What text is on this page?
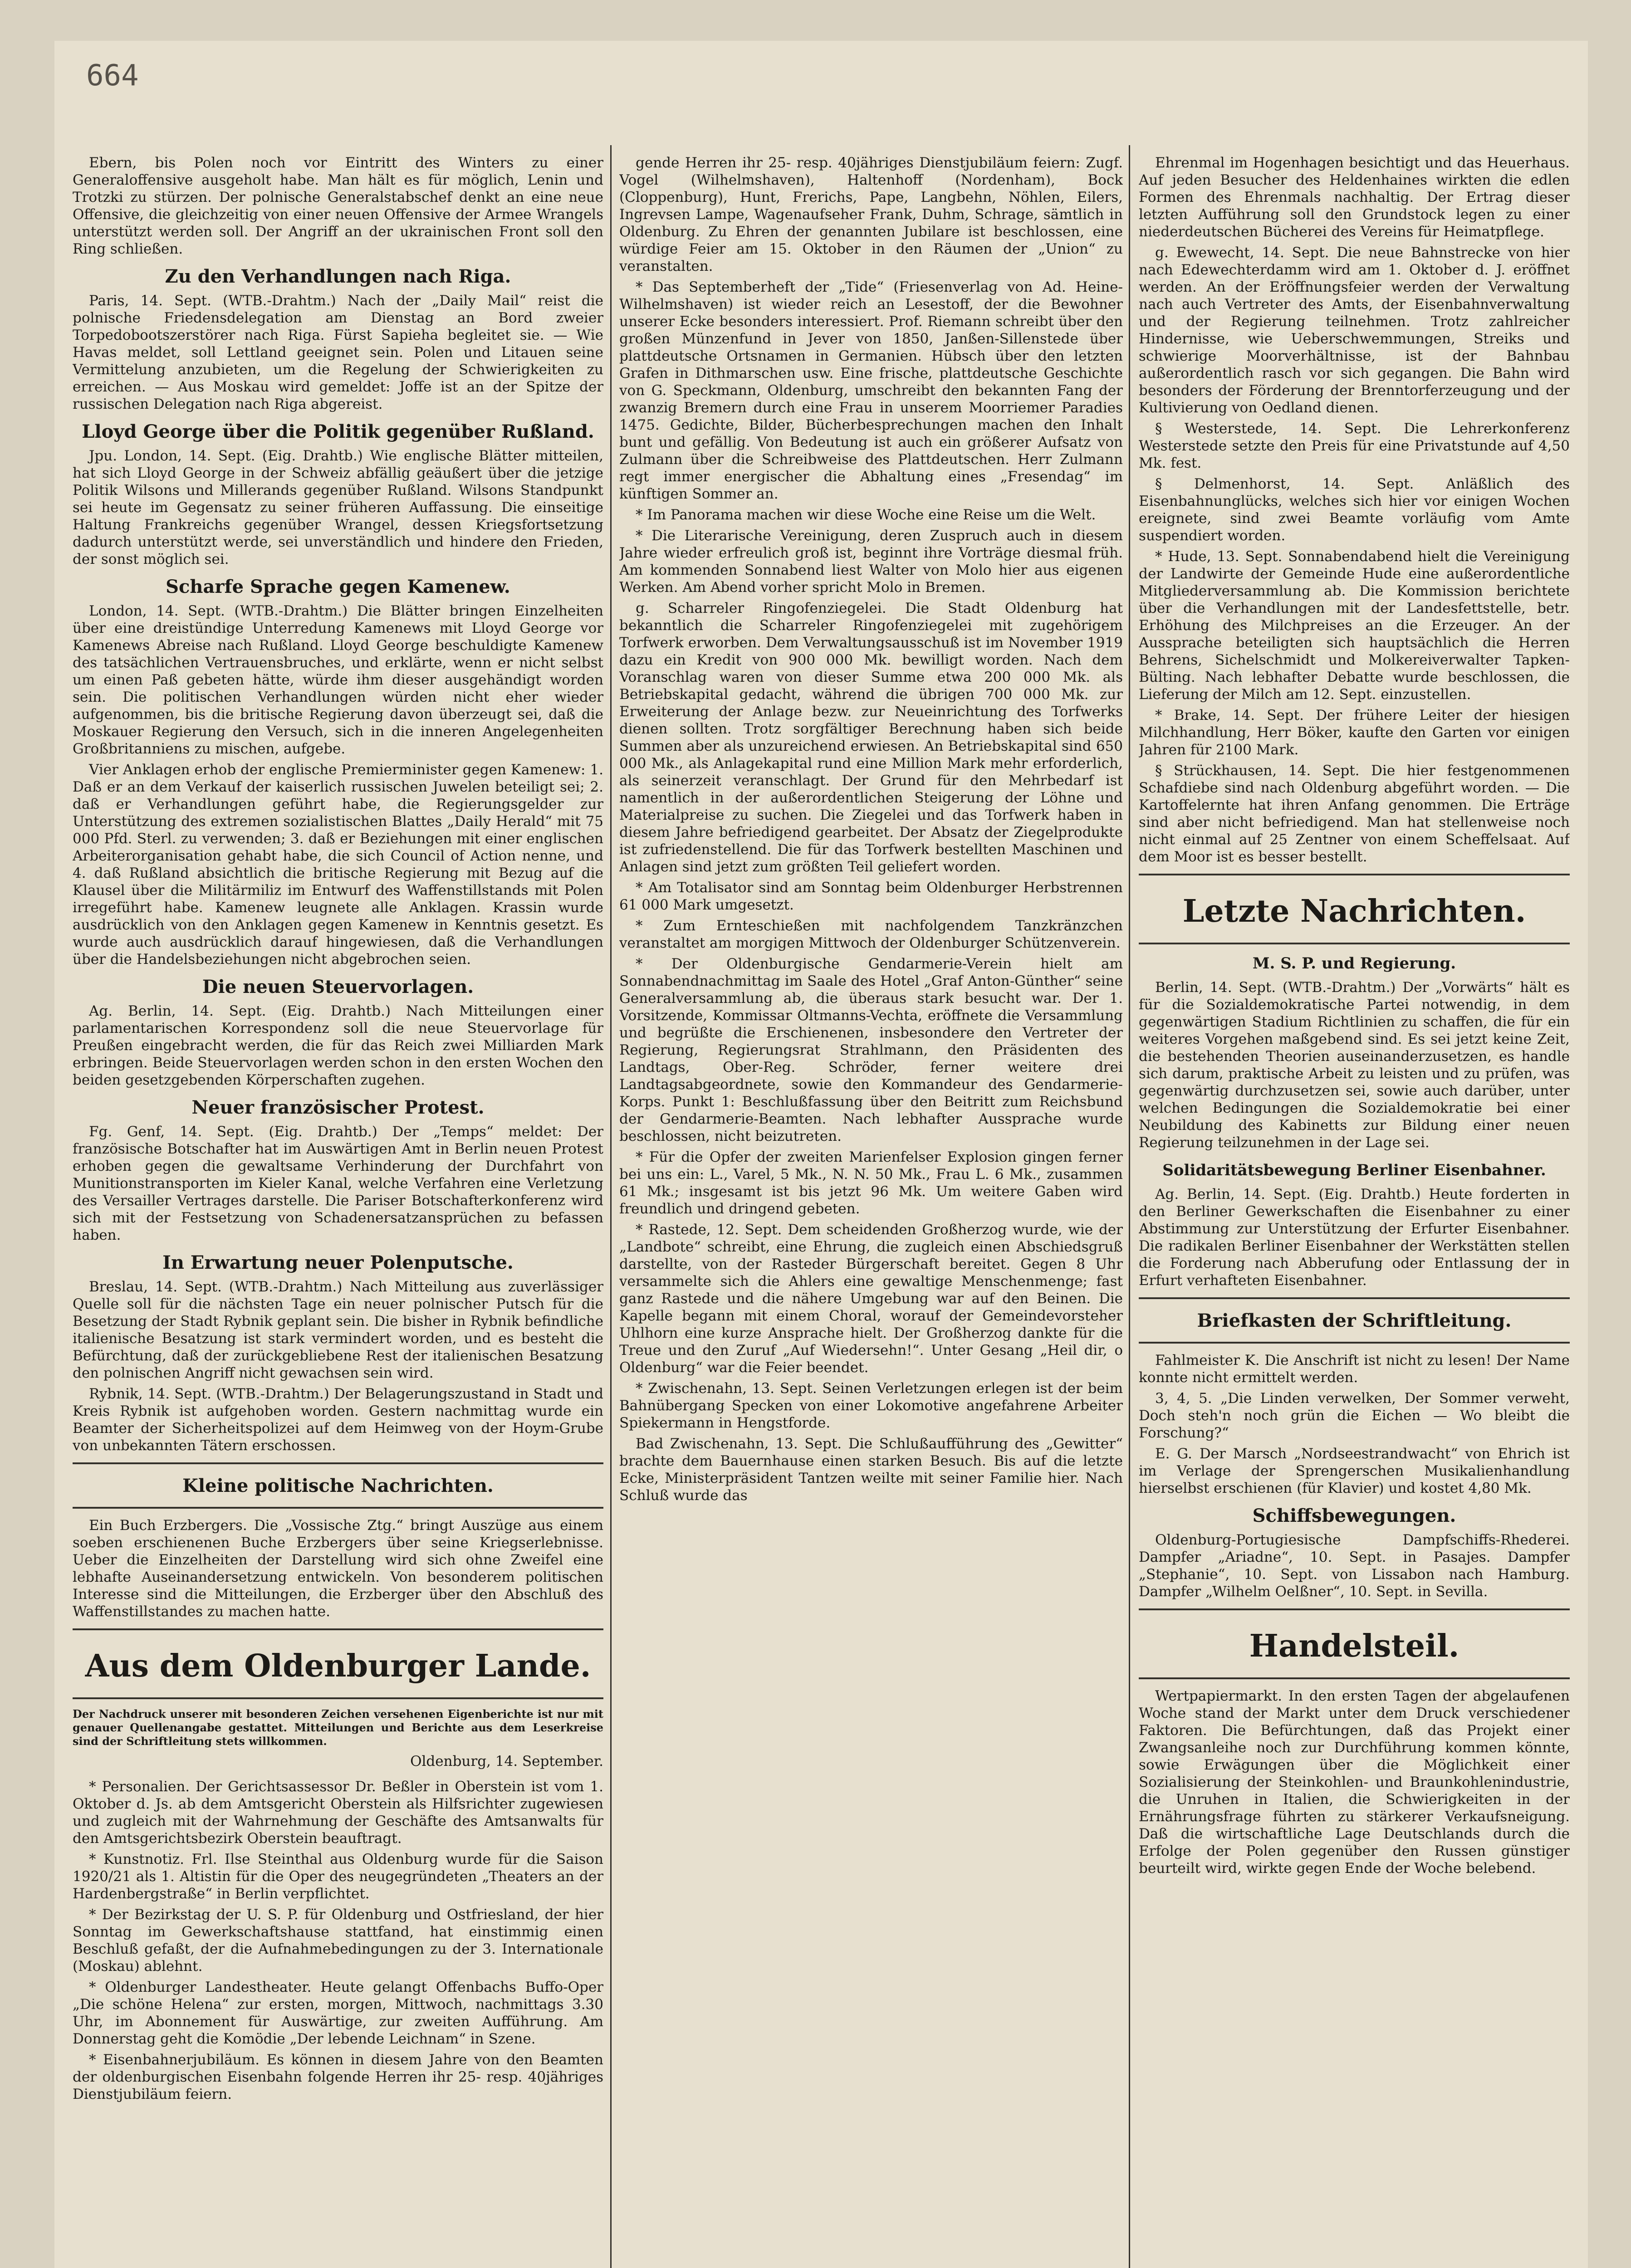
664

Ebern, bis Polen noch vor Eintritt des Winters zu einer Generaloffensive ausgeholt habe. Man hält es für möglich, Lenin und Trotzki zu stürzen. Der polnische Generalstabschef denkt an eine neue Offensive, die gleichzeitig von einer neuen Offensive der Armee Wrangels unterstützt werden soll. Der Angriff an der ukrainischen Front soll den Ring schließen.

Zu den Verhandlungen nach Riga.

Paris, 14. Sept. (WTB.-Drahtm.) Nach der „Daily Mail“ reist die polnische Friedensdelegation am Dienstag an Bord zweier Torpedobootszerstörer nach Riga. Fürst Sapieha begleitet sie. — Wie Havas meldet, soll Lettland geeignet sein. Polen und Litauen seine Vermittelung anzubieten, um die Regelung der Schwierigkeiten zu erreichen. — Aus Moskau wird gemeldet: Joffe ist an der Spitze der russischen Delegation nach Riga abgereist.

Lloyd George über die Politik gegenüber Rußland.

Jpu. London, 14. Sept. (Eig. Drahtb.) Wie englische Blätter mitteilen, hat sich Lloyd George in der Schweiz abfällig geäußert über die jetzige Politik Wilsons und Millerands gegenüber Rußland. Wilsons Standpunkt sei heute im Gegensatz zu seiner früheren Auffassung. Die einseitige Haltung Frankreichs gegenüber Wrangel, dessen Kriegsfortsetzung dadurch unterstützt werde, sei unverständlich und hindere den Frieden, der sonst möglich sei.

Scharfe Sprache gegen Kamenew.

London, 14. Sept. (WTB.-Drahtm.) Die Blätter bringen Einzelheiten über eine dreistündige Unterredung Kamenews mit Lloyd George vor Kamenews Abreise nach Rußland. Lloyd George beschuldigte Kamenew des tatsächlichen Vertrauensbruches, und erklärte, wenn er nicht selbst um einen Paß gebeten hätte, würde ihm dieser ausgehändigt worden sein. Die politischen Verhandlungen würden nicht eher wieder aufgenommen, bis die britische Regierung davon überzeugt sei, daß die Moskauer Regierung den Versuch, sich in die inneren Angelegenheiten Großbritanniens zu mischen, aufgebe.

Vier Anklagen erhob der englische Premierminister gegen Kamenew: 1. Daß er an dem Verkauf der kaiserlich russischen Juwelen beteiligt sei; 2. daß er Verhandlungen geführt habe, die Regierungsgelder zur Unterstützung des extremen sozialistischen Blattes „Daily Herald“ mit 75 000 Pfd. Sterl. zu verwenden; 3. daß er Beziehungen mit einer englischen Arbeiterorganisation gehabt habe, die sich Council of Action nenne, und 4. daß Rußland absichtlich die britische Regierung mit Bezug auf die Klausel über die Militärmiliz im Entwurf des Waffenstillstands mit Polen irregeführt habe. Kamenew leugnete alle Anklagen. Krassin wurde ausdrücklich von den Anklagen gegen Kamenew in Kenntnis gesetzt. Es wurde auch ausdrücklich darauf hingewiesen, daß die Verhandlungen über die Handelsbeziehungen nicht abgebrochen seien.

Die neuen Steuervorlagen.

Ag. Berlin, 14. Sept. (Eig. Drahtb.) Nach Mitteilungen einer parlamentarischen Korrespondenz soll die neue Steuervorlage für Preußen eingebracht werden, die für das Reich zwei Milliarden Mark erbringen. Beide Steuervorlagen werden schon in den ersten Wochen den beiden gesetzgebenden Körperschaften zugehen.

Neuer französischer Protest.

Fg. Genf, 14. Sept. (Eig. Drahtb.) Der „Temps“ meldet: Der französische Botschafter hat im Auswärtigen Amt in Berlin neuen Protest erhoben gegen die gewaltsame Verhinderung der Durchfahrt von Munitionstransporten im Kieler Kanal, welche Verfahren eine Verletzung des Versailler Vertrages darstelle. Die Pariser Botschafterkonferenz wird sich mit der Festsetzung von Schadenersatzansprüchen zu befassen haben.

In Erwartung neuer Polenputsche.

Breslau, 14. Sept. (WTB.-Drahtm.) Nach Mitteilung aus zuverlässiger Quelle soll für die nächsten Tage ein neuer polnischer Putsch für die Besetzung der Stadt Rybnik geplant sein. Die bisher in Rybnik befindliche italienische Besatzung ist stark vermindert worden, und es besteht die Befürchtung, daß der zurückgebliebene Rest der italienischen Besatzung den polnischen Angriff nicht gewachsen sein wird.

Rybnik, 14. Sept. (WTB.-Drahtm.) Der Belagerungszustand in Stadt und Kreis Rybnik ist aufgehoben worden. Gestern nachmittag wurde ein Beamter der Sicherheitspolizei auf dem Heimweg von der Hoym-Grube von unbekannten Tätern erschossen.

Kleine politische Nachrichten.

Ein Buch Erzbergers. Die „Vossische Ztg.“ bringt Auszüge aus einem soeben erschienenen Buche Erzbergers über seine Kriegserlebnisse. Ueber die Einzelheiten der Darstellung wird sich ohne Zweifel eine lebhafte Auseinandersetzung entwickeln. Von besonderem politischen Interesse sind die Mitteilungen, die Erzberger über den Abschluß des Waffenstillstandes zu machen hatte.

Aus dem Oldenburger Lande.
Der Nachdruck unserer mit besonderen Zeichen versehenen Eigenberichte ist nur mit genauer Quellenangabe gestattet. Mitteilungen und Berichte aus dem Leserkreise sind der Schriftleitung stets willkommen.
Oldenburg, 14. September.

* Personalien. Der Gerichtsassessor Dr. Beßler in Oberstein ist vom 1. Oktober d. Js. ab dem Amtsgericht Oberstein als Hilfsrichter zugewiesen und zugleich mit der Wahrnehmung der Geschäfte des Amtsanwalts für den Amtsgerichtsbezirk Oberstein beauftragt.

* Kunstnotiz. Frl. Ilse Steinthal aus Oldenburg wurde für die Saison 1920/21 als 1. Altistin für die Oper des neugegründeten „Theaters an der Hardenbergstraße“ in Berlin verpflichtet.

* Der Bezirkstag der U. S. P. für Oldenburg und Ostfriesland, der hier Sonntag im Gewerkschaftshause stattfand, hat einstimmig einen Beschluß gefaßt, der die Aufnahmebedingungen zu der 3. Internationale (Moskau) ablehnt.

* Oldenburger Landestheater. Heute gelangt Offenbachs Buffo-Oper „Die schöne Helena“ zur ersten, morgen, Mittwoch, nachmittags 3.30 Uhr, im Abonnement für Auswärtige, zur zweiten Aufführung. Am Donnerstag geht die Komödie „Der lebende Leichnam“ in Szene.

* Eisenbahnerjubiläum. Es können in diesem Jahre von den Beamten der oldenburgischen Eisenbahn folgende Herren ihr 25- resp. 40jähriges Dienstjubiläum feiern.

gende Herren ihr 25- resp. 40jähriges Dienstjubiläum feiern: Zugf. Vogel (Wilhelmshaven), Haltenhoff (Nordenham), Bock (Cloppenburg), Hunt, Frerichs, Pape, Langbehn, Nöhlen, Eilers, Ingrevsen Lampe, Wagenaufseher Frank, Duhm, Schrage, sämtlich in Oldenburg. Zu Ehren der genannten Jubilare ist beschlossen, eine würdige Feier am 15. Oktober in den Räumen der „Union“ zu veranstalten.

* Das Septemberheft der „Tide“ (Friesenverlag von Ad. Heine-Wilhelmshaven) ist wieder reich an Lesestoff, der die Bewohner unserer Ecke besonders interessiert. Prof. Riemann schreibt über den großen Münzenfund in Jever von 1850, Janßen-Sillenstede über plattdeutsche Ortsnamen in Germanien. Hübsch über den letzten Grafen in Dithmarschen usw. Eine frische, plattdeutsche Geschichte von G. Speckmann, Oldenburg, umschreibt den bekannten Fang der zwanzig Bremern durch eine Frau in unserem Moorriemer Paradies 1475. Gedichte, Bilder, Bücherbesprechungen machen den Inhalt bunt und gefällig. Von Bedeutung ist auch ein größerer Aufsatz von Zulmann über die Schreibweise des Plattdeutschen. Herr Zulmann regt immer energischer die Abhaltung eines „Fresendag“ im künftigen Sommer an.

* Im Panorama machen wir diese Woche eine Reise um die Welt.

* Die Literarische Vereinigung, deren Zuspruch auch in diesem Jahre wieder erfreulich groß ist, beginnt ihre Vorträge diesmal früh. Am kommenden Sonnabend liest Walter von Molo hier aus eigenen Werken. Am Abend vorher spricht Molo in Bremen.

g. Scharreler Ringofenziegelei. Die Stadt Oldenburg hat bekanntlich die Scharreler Ringofenziegelei mit zugehörigem Torfwerk erworben. Dem Verwaltungsausschuß ist im November 1919 dazu ein Kredit von 900 000 Mk. bewilligt worden. Nach dem Voranschlag waren von dieser Summe etwa 200 000 Mk. als Betriebskapital gedacht, während die übrigen 700 000 Mk. zur Erweiterung der Anlage bezw. zur Neueinrichtung des Torfwerks dienen sollten. Trotz sorgfältiger Berechnung haben sich beide Summen aber als unzureichend erwiesen. An Betriebskapital sind 650 000 Mk., als Anlagekapital rund eine Million Mark mehr erforderlich, als seinerzeit veranschlagt. Der Grund für den Mehrbedarf ist namentlich in der außerordentlichen Steigerung der Löhne und Materialpreise zu suchen. Die Ziegelei und das Torfwerk haben in diesem Jahre befriedigend gearbeitet. Der Absatz der Ziegelprodukte ist zufriedenstellend. Die für das Torfwerk bestellten Maschinen und Anlagen sind jetzt zum größten Teil geliefert worden.

* Am Totalisator sind am Sonntag beim Oldenburger Herbstrennen 61 000 Mark umgesetzt.

* Zum Ernteschießen mit nachfolgendem Tanzkränzchen veranstaltet am morgigen Mittwoch der Oldenburger Schützenverein.

* Der Oldenburgische Gendarmerie-Verein hielt am Sonnabendnachmittag im Saale des Hotel „Graf Anton-Günther“ seine Generalversammlung ab, die überaus stark besucht war. Der 1. Vorsitzende, Kommissar Oltmanns-Vechta, eröffnete die Versammlung und begrüßte die Erschienenen, insbesondere den Vertreter der Regierung, Regierungsrat Strahlmann, den Präsidenten des Landtags, Ober-Reg. Schröder, ferner weitere drei Landtagsabgeordnete, sowie den Kommandeur des Gendarmerie-Korps. Punkt 1: Beschlußfassung über den Beitritt zum Reichsbund der Gendarmerie-Beamten. Nach lebhafter Aussprache wurde beschlossen, nicht beizutreten.

* Für die Opfer der zweiten Marienfelser Explosion gingen ferner bei uns ein: L., Varel, 5 Mk., N. N. 50 Mk., Frau L. 6 Mk., zusammen 61 Mk.; insgesamt ist bis jetzt 96 Mk. Um weitere Gaben wird freundlich und dringend gebeten.

* Rastede, 12. Sept. Dem scheidenden Großherzog wurde, wie der „Landbote“ schreibt, eine Ehrung, die zugleich einen Abschiedsgruß darstellte, von der Rasteder Bürgerschaft bereitet. Gegen 8 Uhr versammelte sich die Ahlers eine gewaltige Menschenmenge; fast ganz Rastede und die nähere Umgebung war auf den Beinen. Die Kapelle begann mit einem Choral, worauf der Gemeindevorsteher Uhlhorn eine kurze Ansprache hielt. Der Großherzog dankte für die Treue und den Zuruf „Auf Wiedersehn!“. Unter Gesang „Heil dir, o Oldenburg“ war die Feier beendet.

* Zwischenahn, 13. Sept. Seinen Verletzungen erlegen ist der beim Bahnübergang Specken von einer Lokomotive angefahrene Arbeiter Spiekermann in Hengstforde.

Bad Zwischenahn, 13. Sept. Die Schlußaufführung des „Gewitter“ brachte dem Bauernhause einen starken Besuch. Bis auf die letzte Ecke, Ministerpräsident Tantzen weilte mit seiner Familie hier. Nach Schluß wurde das

Ehrenmal im Hogenhagen besichtigt und das Heuerhaus. Auf jeden Besucher des Heldenhaines wirkten die edlen Formen des Ehrenmals nachhaltig. Der Ertrag dieser letzten Aufführung soll den Grundstock legen zu einer niederdeutschen Bücherei des Vereins für Heimatpflege.

g. Ewewecht, 14. Sept. Die neue Bahnstrecke von hier nach Edewechterdamm wird am 1. Oktober d. J. eröffnet werden. An der Eröffnungsfeier werden der Verwaltung nach auch Vertreter des Amts, der Eisenbahnverwaltung und der Regierung teilnehmen. Trotz zahlreicher Hindernisse, wie Ueberschwemmungen, Streiks und schwierige Moorverhältnisse, ist der Bahnbau außerordentlich rasch vor sich gegangen. Die Bahn wird besonders der Förderung der Brenntorferzeugung und der Kultivierung von Oedland dienen.

§ Westerstede, 14. Sept. Die Lehrerkonferenz Westerstede setzte den Preis für eine Privatstunde auf 4,50 Mk. fest.

§ Delmenhorst, 14. Sept. Anläßlich des Eisenbahnunglücks, welches sich hier vor einigen Wochen ereignete, sind zwei Beamte vorläufig vom Amte suspendiert worden.

* Hude, 13. Sept. Sonnabendabend hielt die Vereinigung der Landwirte der Gemeinde Hude eine außerordentliche Mitgliederversammlung ab. Die Kommission berichtete über die Verhandlungen mit der Landesfettstelle, betr. Erhöhung des Milchpreises an die Erzeuger. An der Aussprache beteiligten sich hauptsächlich die Herren Behrens, Sichelschmidt und Molkereiverwalter Tapken-Bülting. Nach lebhafter Debatte wurde beschlossen, die Lieferung der Milch am 12. Sept. einzustellen.

* Brake, 14. Sept. Der frühere Leiter der hiesigen Milchhandlung, Herr Böker, kaufte den Garten vor einigen Jahren für 2100 Mark.

§ Strückhausen, 14. Sept. Die hier festgenommenen Schafdiebe sind nach Oldenburg abgeführt worden. — Die Kartoffelernte hat ihren Anfang genommen. Die Erträge sind aber nicht befriedigend. Man hat stellenweise noch nicht einmal auf 25 Zentner von einem Scheffelsaat. Auf dem Moor ist es besser bestellt.

Letzte Nachrichten.
M. S. P. und Regierung.

Berlin, 14. Sept. (WTB.-Drahtm.) Der „Vorwärts“ hält es für die Sozialdemokratische Partei notwendig, in dem gegenwärtigen Stadium Richtlinien zu schaffen, die für ein weiteres Vorgehen maßgebend sind. Es sei jetzt keine Zeit, die bestehenden Theorien auseinanderzusetzen, es handle sich darum, praktische Arbeit zu leisten und zu prüfen, was gegenwärtig durchzusetzen sei, sowie auch darüber, unter welchen Bedingungen die Sozialdemokratie bei einer Neubildung des Kabinetts zur Bildung einer neuen Regierung teilzunehmen in der Lage sei.

Solidaritätsbewegung Berliner Eisenbahner.

Ag. Berlin, 14. Sept. (Eig. Drahtb.) Heute forderten in den Berliner Gewerkschaften die Eisenbahner zu einer Abstimmung zur Unterstützung der Erfurter Eisenbahner. Die radikalen Berliner Eisenbahner der Werkstätten stellen die Forderung nach Abberufung oder Entlassung der in Erfurt verhafteten Eisenbahner.

Briefkasten der Schriftleitung.

Fahlmeister K. Die Anschrift ist nicht zu lesen! Der Name konnte nicht ermittelt werden.

3, 4, 5. „Die Linden verwelken, Der Sommer verweht, Doch steh'n noch grün die Eichen — Wo bleibt die Forschung?“

E. G. Der Marsch „Nordseestrandwacht“ von Ehrich ist im Verlage der Sprengerschen Musikalienhandlung hierselbst erschienen (für Klavier) und kostet 4,80 Mk.

Schiffsbewegungen.

Oldenburg-Portugiesische Dampfschiffs-Rhederei. Dampfer „Ariadne“, 10. Sept. in Pasajes. Dampfer „Stephanie“, 10. Sept. von Lissabon nach Hamburg. Dampfer „Wilhelm Oelßner“, 10. Sept. in Sevilla.

Handelsteil.

Wertpapiermarkt. In den ersten Tagen der abgelaufenen Woche stand der Markt unter dem Druck verschiedener Faktoren. Die Befürchtungen, daß das Projekt einer Zwangsanleihe noch zur Durchführung kommen könnte, sowie Erwägungen über die Möglichkeit einer Sozialisierung der Steinkohlen- und Braunkohlenindustrie, die Unruhen in Italien, die Schwierigkeiten in der Ernährungsfrage führten zu stärkerer Verkaufsneigung. Daß die wirtschaftliche Lage Deutschlands durch die Erfolge der Polen gegenüber den Russen günstiger beurteilt wird, wirkte gegen Ende der Woche belebend.
